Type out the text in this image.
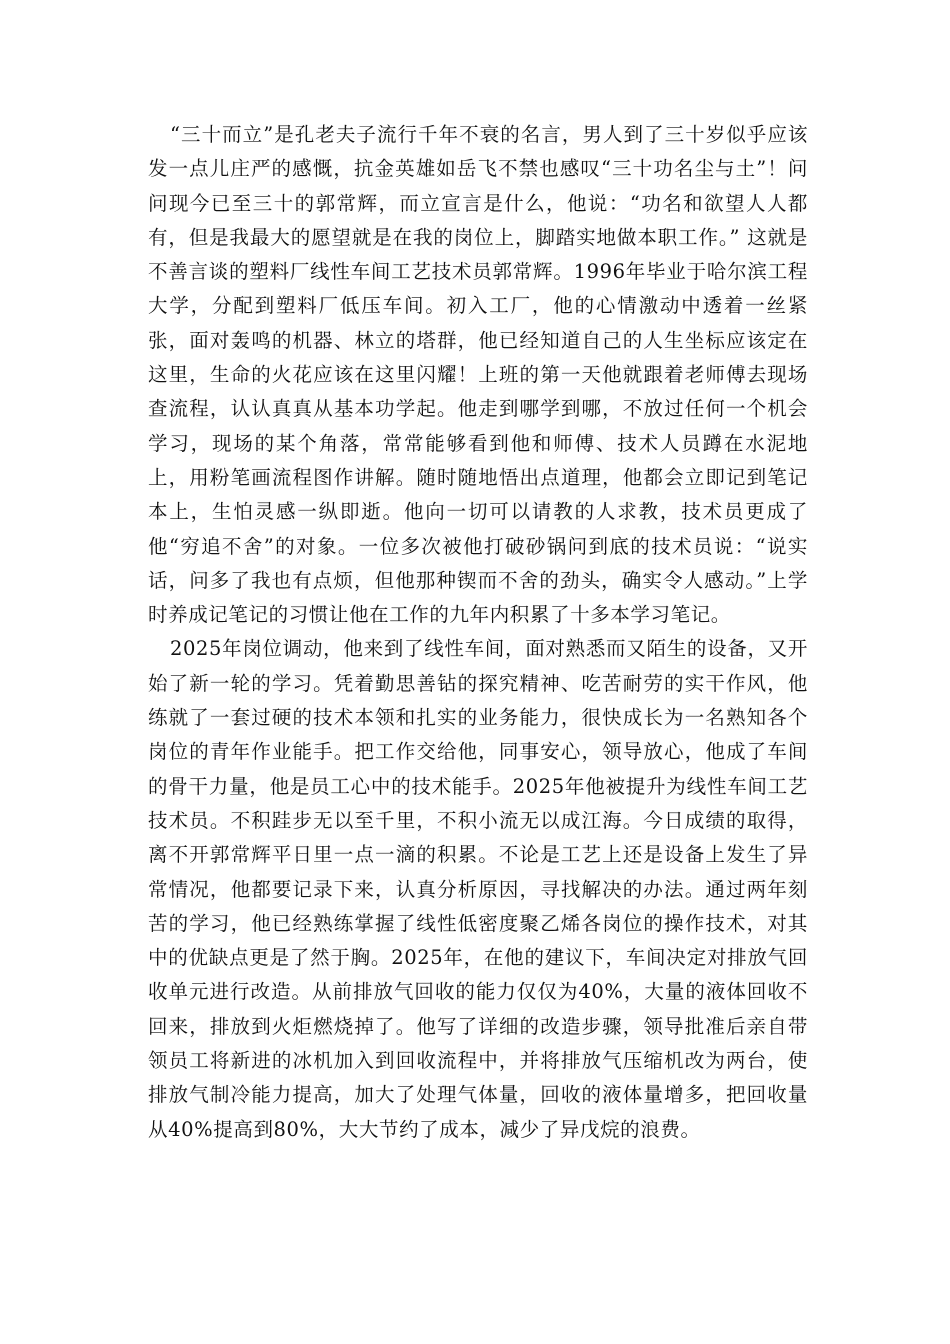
“三十而立”是孔老夫子流行千年不衰的名言，男人到了三十岁似乎应该发一点儿庄严的感慨，抗金英雄如岳飞不禁也感叹“三十功名尘与土”！问问现今已至三十的郭常辉，而立宣言是什么，他说：“功名和欲望人人都有，但是我最大的愿望就是在我的岗位上，脚踏实地做本职工作。” 这就是不善言谈的塑料厂线性车间工艺技术员郭常辉。1996年毕业于哈尔滨工程大学，分配到塑料厂低压车间。初入工厂，他的心情激动中透着一丝紧张，面对轰鸣的机器、林立的塔群，他已经知道自己的人生坐标应该定在这里，生命的火花应该在这里闪耀！上班的第一天他就跟着老师傅去现场查流程，认认真真从基本功学起。他走到哪学到哪，不放过任何一个机会学习，现场的某个角落，常常能够看到他和师傅、技术人员蹲在水泥地上，用粉笔画流程图作讲解。随时随地悟出点道理，他都会立即记到笔记本上，生怕灵感一纵即逝。他向一切可以请教的人求教，技术员更成了他“穷追不舍”的对象。一位多次被他打破砂锅问到底的技术员说：“说实话，问多了我也有点烦，但他那种锲而不舍的劲头，确实令人感动。”上学时养成记笔记的习惯让他在工作的九年内积累了十多本学习笔记。

2025年岗位调动，他来到了线性车间，面对熟悉而又陌生的设备，又开始了新一轮的学习。凭着勤思善钻的探究精神、吃苦耐劳的实干作风，他练就了一套过硬的技术本领和扎实的业务能力，很快成长为一名熟知各个岗位的青年作业能手。把工作交给他，同事安心，领导放心，他成了车间的骨干力量，他是员工心中的技术能手。2025年他被提升为线性车间工艺技术员。不积跬步无以至千里，不积小流无以成江海。今日成绩的取得，离不开郭常辉平日里一点一滴的积累。不论是工艺上还是设备上发生了异常情况，他都要记录下来，认真分析原因，寻找解决的办法。通过两年刻苦的学习，他已经熟练掌握了线性低密度聚乙烯各岗位的操作技术，对其中的优缺点更是了然于胸。2025年，在他的建议下，车间决定对排放气回收单元进行改造。从前排放气回收的能力仅仅为40%，大量的液体回收不回来，排放到火炬燃烧掉了。他写了详细的改造步骤，领导批准后亲自带领员工将新进的冰机加入到回收流程中，并将排放气压缩机改为两台，使排放气制冷能力提高，加大了处理气体量，回收的液体量增多，把回收量从40%提高到80%，大大节约了成本，减少了异戊烷的浪费。
